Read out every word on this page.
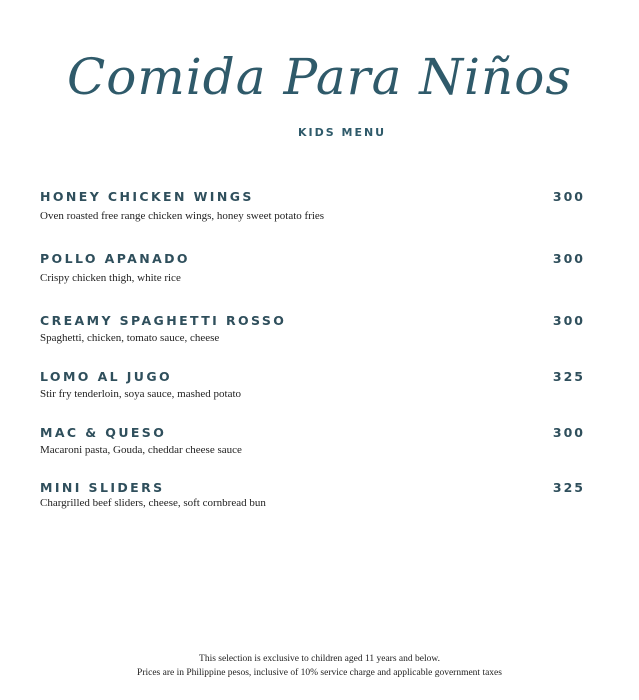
Comida Para Niños
KIDS MENU
HONEY CHICKEN WINGS	300
Oven roasted free range chicken wings, honey sweet potato fries
POLLO APANADO	300
Crispy chicken thigh, white rice
CREAMY SPAGHETTI ROSSO	300
Spaghetti, chicken, tomato sauce, cheese
LOMO AL JUGO	325
Stir fry tenderloin, soya sauce, mashed potato
MAC & QUESO	300
Macaroni pasta, Gouda, cheddar cheese sauce
MINI SLIDERS	325
Chargrilled beef sliders, cheese, soft cornbread bun
This selection is exclusive to children aged 11 years and below.
Prices are in Philippine pesos, inclusive of 10% service charge and applicable government taxes
